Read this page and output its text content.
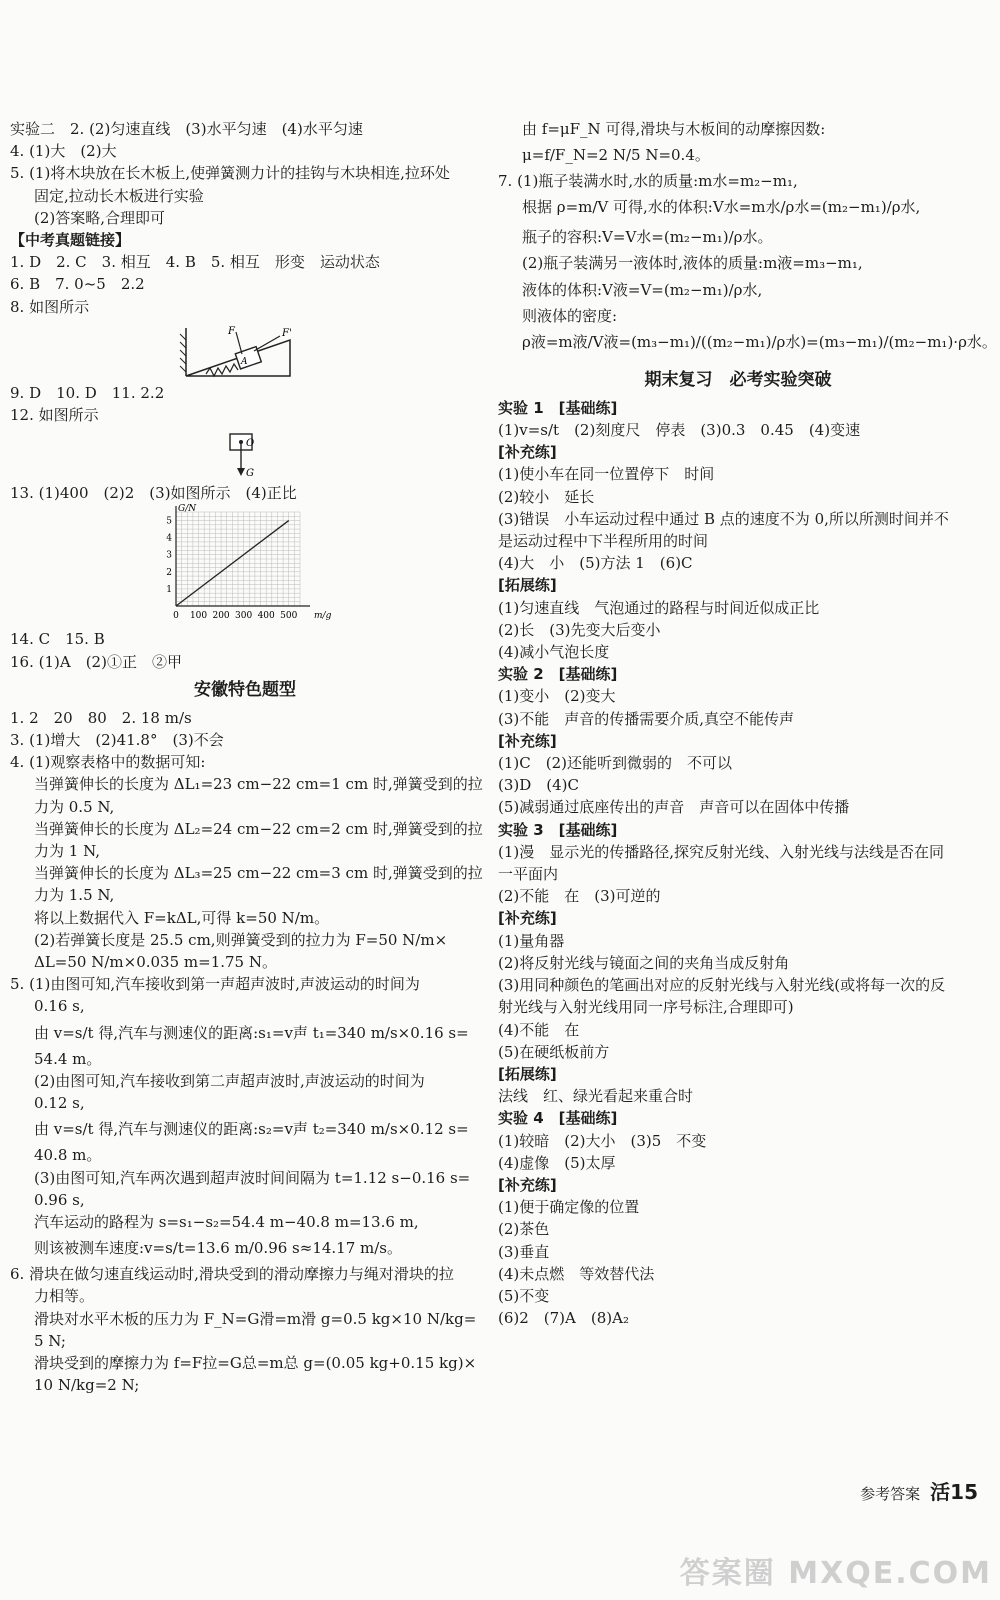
实验二　2. (2)匀速直线　(3)水平匀速　(4)水平匀速
4. (1)大　(2)大
5. (1)将木块放在长木板上,使弹簧测力计的挂钩与木块相连,拉环处
固定,拉动长木板进行实验
(2)答案略,合理即可
【中考真题链接】
1. D　2. C　3. 相互　4. B　5. 相互　形变　运动状态
6. B　7. 0~5　2.2
8. 如图所示
F	F'
A
9. D　10. D　11. 2.2
12. 如图所示
O
G
13. (1)400　(2)2　(3)如图所示　(4)正比
0 100 200 300 400 500
1
2
3
4
5
m/g
G/N
14. C　15. B
16. (1)A　(2)①正　②甲
安徽特色题型
1. 2　20　80　2. 18 m/s
3. (1)增大　(2)41.8°　(3)不会
4. (1)观察表格中的数据可知:
当弹簧伸长的长度为 ΔL₁=23 cm−22 cm=1 cm 时,弹簧受到的拉
力为 0.5 N,
当弹簧伸长的长度为 ΔL₂=24 cm−22 cm=2 cm 时,弹簧受到的拉
力为 1 N,
当弹簧伸长的长度为 ΔL₃=25 cm−22 cm=3 cm 时,弹簧受到的拉
力为 1.5 N,
将以上数据代入 F=kΔL,可得 k=50 N/m。
(2)若弹簧长度是 25.5 cm,则弹簧受到的拉力为 F=50 N/m×
ΔL=50 N/m×0.035 m=1.75 N。
5. (1)由图可知,汽车接收到第一声超声波时,声波运动的时间为
0.16 s,
由 v=s/t 得,汽车与测速仪的距离:s₁=v声 t₁=340 m/s×0.16 s=
54.4 m。
(2)由图可知,汽车接收到第二声超声波时,声波运动的时间为
0.12 s,
由 v=s/t 得,汽车与测速仪的距离:s₂=v声 t₂=340 m/s×0.12 s=
40.8 m。
(3)由图可知,汽车两次遇到超声波时间间隔为 t=1.12 s−0.16 s=
0.96 s,
汽车运动的路程为 s=s₁−s₂=54.4 m−40.8 m=13.6 m,
则该被测车速度:v=s/t=13.6 m/0.96 s≈14.17 m/s。
6. 滑块在做匀速直线运动时,滑块受到的滑动摩擦力与绳对滑块的拉
力相等。
滑块对水平木板的压力为 F_N=G滑=m滑 g=0.5 kg×10 N/kg=
5 N;
滑块受到的摩擦力为 f=F拉=G总=m总 g=(0.05 kg+0.15 kg)×
10 N/kg=2 N;
由 f=μF_N 可得,滑块与木板间的动摩擦因数:
μ=f/F_N=2 N/5 N=0.4。
7. (1)瓶子装满水时,水的质量:m水=m₂−m₁,
根据 ρ=m/V 可得,水的体积:V水=m水/ρ水=(m₂−m₁)/ρ水,
瓶子的容积:V=V水=(m₂−m₁)/ρ水。
(2)瓶子装满另一液体时,液体的质量:m液=m₃−m₁,
液体的体积:V液=V=(m₂−m₁)/ρ水,
则液体的密度:
ρ液=m液/V液=(m₃−m₁)/((m₂−m₁)/ρ水)=(m₃−m₁)/(m₂−m₁)·ρ水。
期末复习　必考实验突破
实验 1　[基础练]
(1)v=s/t　(2)刻度尺　停表　(3)0.3　0.45　(4)变速
[补充练]
(1)使小车在同一位置停下　时间
(2)较小　延长
(3)错误　小车运动过程中通过 B 点的速度不为 0,所以所测时间并不
是运动过程中下半程所用的时间
(4)大　小　(5)方法 1　(6)C
[拓展练]
(1)匀速直线　气泡通过的路程与时间近似成正比
(2)长　(3)先变大后变小
(4)减小气泡长度
实验 2　[基础练]
(1)变小　(2)变大
(3)不能　声音的传播需要介质,真空不能传声
[补充练]
(1)C　(2)还能听到微弱的　不可以
(3)D　(4)C
(5)减弱通过底座传出的声音　声音可以在固体中传播
实验 3　[基础练]
(1)漫　显示光的传播路径,探究反射光线、入射光线与法线是否在同
一平面内
(2)不能　在　(3)可逆的
[补充练]
(1)量角器
(2)将反射光线与镜面之间的夹角当成反射角
(3)用同种颜色的笔画出对应的反射光线与入射光线(或将每一次的反
射光线与入射光线用同一序号标注,合理即可)
(4)不能　在
(5)在硬纸板前方
[拓展练]
法线　红、绿光看起来重合时
实验 4　[基础练]
(1)较暗　(2)大小　(3)5　不变
(4)虚像　(5)太厚
[补充练]
(1)便于确定像的位置
(2)茶色
(3)垂直
(4)未点燃　等效替代法
(5)不变
(6)2　(7)A　(8)A₂
参考答案 活15
答案圈 MXQE.COM
